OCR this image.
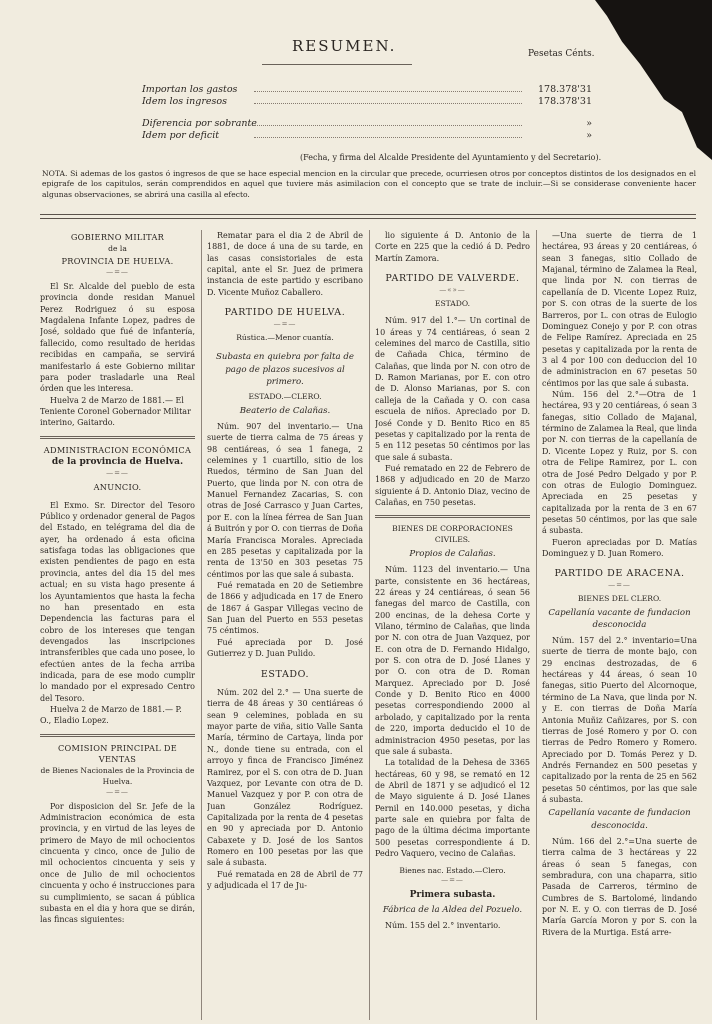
RESUMEN.	Pesetas Cénts.
Importan los gastos	178.378'31
Idem los ingresos	178.378'31
Diferencia por sobrante	»
Idem por deficit	»
(Fecha, y firma del Alcalde Presidente del Ayuntamiento y del Secretario).

NOTA. Si ademas de los gastos ó ingresos de que se hace especial mencion en la circular que precede, ocurriesen otros por conceptos distintos de los designados en el epigrafe de los capitulos, serán comprendidos en aquel que tuviere más asimilacion con el concepto que se trate de incluir.—Si se considerase conveniente hacer algunas observaciones, se abrirá una casilla al efecto.

GOBIERNO MILITAR

de la

PROVINCIA DE HUELVA.

—=—

El Sr. Alcalde del pueblo de esta provincia donde residan Manuel Perez Rodriguez ó su esposa Magdalena Infante Lopez, padres de José, soldado que fué de infantería, fallecido, como resultado de heridas recibidas en campaña, se servirá manifestarlo á este Gobierno militar para poder trasladarle una Real órden que les interesa.

Huelva 2 de Marzo de 1881.— El Teniente Coronel Gobernador Militar interino, Gaitardo.

ADMINISTRACION ECONÓMICA

de la provincia de Huelva.

—=—

ANUNCIO.

El Exmo. Sr. Director del Tesoro Público y ordenador general de Pagos del Estado, en telégrama del dia de ayer, ha ordenado á esta oficina satisfaga todas las obligaciones que existen pendientes de pago en esta provincia, antes del dia 15 del mes actual; en su vista hago presente á los Ayuntamientos que hasta la fecha no han presentado en esta Dependencia las facturas para el cobro de los intereses que tengan devengados las inscripciones intransferibles que cada uno posee, lo efectúen antes de la fecha arriba indicada, para de ese modo cumplir lo mandado por el expresado Centro del Tesoro.

Huelva 2 de Marzo de 1881.— P. O., Eladio Lopez.

COMISION PRINCIPAL DE VENTAS

de Bienes Nacionales de la Provincia de Huelva.

—=—

Por disposicion del Sr. Jefe de la Administracion económica de esta provincia, y en virtud de las leyes de primero de Mayo de mil ochocientos cincuenta y cinco, once de Julio de mil ochocientos cincuenta y seis y once de Julio de mil ochocientos cincuenta y ocho é instrucciones para su cumplimiento, se sacan á pública subasta en el dia y hora que se dirán, las fincas siguientes:

Rematar para el dia 2 de Abril de 1881, de doce á una de su tarde, en las casas consistoriales de esta capital, ante el Sr. Juez de primera instancia de este partido y escribano D. Vicente Muñoz Caballero.

PARTIDO DE HUELVA.

—=—

Rústica.—Menor cuantía.

Subasta en quiebra por falta de pago de plazos sucesivos al primero.

ESTADO.—CLERO.

Beaterio de Calañas.

Núm. 907 del inventario.— Una suerte de tierra calma de 75 áreas y 98 centiáreas, ó sea 1 fanega, 2 celemines y 1 cuartillo, sitio de los Ruedos, término de San Juan del Puerto, que linda por N. con otra de Manuel Fernandez Zacarias, S. con otras de José Carrasco y Juan Cartes, por E. con la línea férrea de San Juan á Buitrón y por O. con tierras de Doña María Francisca Morales. Apreciada en 285 pesetas y capitalizada por la renta de 13'50 en 303 pesetas 75 céntimos por las que sale á subasta.

Fué rematada en 20 de Setiembre de 1866 y adjudicada en 17 de Enero de 1867 á Gaspar Villegas vecino de San Juan del Puerto en 553 pesetas 75 céntimos.

Fué apreciada por D. José Gutierrez y D. Juan Pulido.

ESTADO.

Núm. 202 del 2.° — Una suerte de tierra de 48 áreas y 30 centiáreas ó sean 9 celemines, poblada en su mayor parte de viña, sitio Valle Santa María, término de Cartaya, linda por N., donde tiene su entrada, con el arroyo y finca de Francisco Jiménez Ramirez, por el S. con otra de D. Juan Vazquez, por Levante con otra de D. Manuel Vazquez y por P. con otra de Juan González Rodríguez. Capitalizada por la renta de 4 pesetas en 90 y apreciada por D. Antonio Cabaxete y D. José de los Santos Romero en 100 pesetas por las que sale á subasta.

Fué rematada en 28 de Abril de 77 y adjudicada el 17 de Ju-

lio siguiente á D. Antonio de la Corte en 225 que la cedió á D. Pedro Martín Zamora.

PARTIDO DE VALVERDE.

—«»—

ESTADO.

Núm. 917 del 1.°— Un cortinal de 10 áreas y 74 centiáreas, ó sean 2 celemines del marco de Castilla, sitio de Cañada Chica, término de Calañas, que linda por N. con otro de D. Ramon Marianas, por E. con otro de D. Alonso Marianas, por S. con calleja de la Cañada y O. con casa escuela de niños. Apreciado por D. José Conde y D. Benito Rico en 85 pesetas y capitalizado por la renta de 5 en 112 pesetas 50 céntimos por las que sale á subasta.

Fué rematado en 22 de Febrero de 1868 y adjudicado en 20 de Marzo siguiente á D. Antonio Diaz, vecino de Calañas, en 750 pesetas.

BIENES DE CORPORACIONES CIVILES.

Propios de Calañas.

Núm. 1123 del inventario.— Una parte, consistente en 36 hectáreas, 22 áreas y 24 centiáreas, ó sean 56 fanegas del marco de Castilla, con 200 encinas, de la dehesa Corte y Vilano, término de Calañas, que linda por N. con otra de Juan Vazquez, por E. con otra de D. Fernando Hidalgo, por S. con otra de D. José Llanes y por O. con otra de D. Roman Marquez. Apreciado por D. José Conde y D. Benito Rico en 4000 pesetas correspondiendo 2000 al arbolado, y capitalizado por la renta de 220, importa deducido el 10 de administracion 4950 pesetas, por las que sale á subasta.

La totalidad de la Dehesa de 3365 hectáreas, 60 y 98, se remató en 12 de Abril de 1871 y se adjudicó el 12 de Mayo siguiente á D. José Llanes Pernil en 140.000 pesetas, y dicha parte sale en quiebra por falta de pago de la última décima importante 500 pesetas correspondiente á D. Pedro Vaquero, vecino de Calañas.

Bienes nac. Estado.—Clero.

—=—

Primera subasta.

Fábrica de la Aldea del Pozuelo.

Núm. 155 del 2.° inventario.

—Una suerte de tierra de 1 hectárea, 93 áreas y 20 centiáreas, ó sean 3 fanegas, sitio Collado de Majanal, término de Zalamea la Real, que linda por N. con tierras de capellanía de D. Vicente Lopez Ruiz, por S. con otras de la suerte de los Barreros, por L. con otras de Eulogio Dominguez Conejo y por P. con otras de Felipe Ramírez. Apreciada en 25 pesetas y capitalizada por la renta de 3 al 4 por 100 con deduccion del 10 de administracion en 67 pesetas 50 céntimos por las que sale á subasta.

Núm. 156 del 2.°—Otra de 1 hectárea, 93 y 20 centiáreas, ó sean 3 fanegas, sitio Collado de Majanal, término de Zalamea la Real, que linda por N. con tierras de la capellanía de D. Vicente Lopez y Ruiz, por S. con otra de Felipe Ramirez, por L. con otra de José Pedro Delgado y por P. con otras de Eulogio Dominguez. Apreciada en 25 pesetas y capitalizada por la renta de 3 en 67 pesetas 50 céntimos, por las que sale á subasta.

Fueron apreciadas por D. Matías Dominguez y D. Juan Romero.

PARTIDO DE ARACENA.

—=—

BIENES DEL CLERO.

Capellanía vacante de fundacion desconocida

Núm. 157 del 2.° inventario=Una suerte de tierra de monte bajo, con 29 encinas destrozadas, de 6 hectáreas y 44 áreas, ó sean 10 fanegas, sitio Puerto del Alcornoque, término de La Nava, que linda por N. y E. con tierras de Doña María Antonia Muñiz Cañizares, por S. con tierras de José Romero y por O. con tierras de Pedro Romero y Romero. Apreciado por D. Tomás Perez y D. Andrés Fernandez en 500 pesetas y capitalizado por la renta de 25 en 562 pesetas 50 céntimos, por las que sale á subasta.

Capellanía vacante de fundacion desconocida.

Núm. 166 del 2.°=Una suerte de tierra calma de 3 hectáreas y 22 áreas ó sean 5 fanegas, con sembradura, con una chaparra, sitio Pasada de Carreros, término de Cumbres de S. Bartolomé, lindando por N. E. y O. con tierras de D. José María García Moron y por S. con la Rivera de la Murtiga. Está arre-
